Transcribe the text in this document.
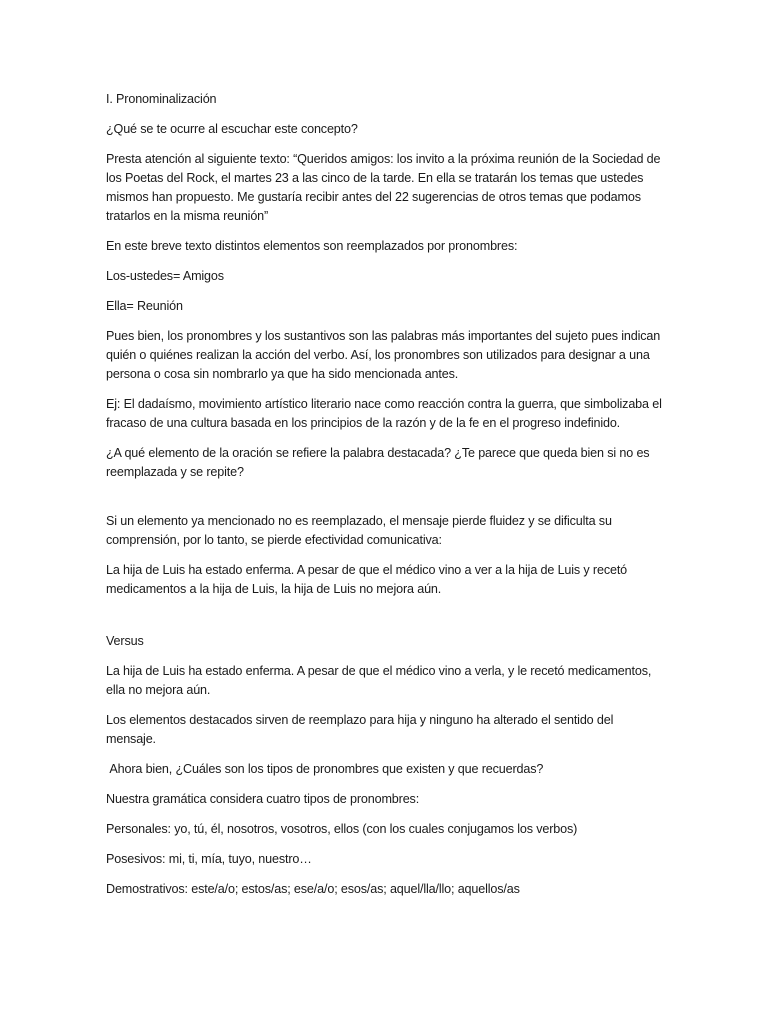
I. Pronominalización

¿Qué se te ocurre al escuchar este concepto?

Presta atención al siguiente texto: “Queridos amigos: los invito a la próxima reunión de la Sociedad de los Poetas del Rock, el martes 23 a las cinco de la tarde. En ella se tratarán los temas que ustedes mismos han propuesto. Me gustaría recibir antes del 22 sugerencias de otros temas que podamos tratarlos en la misma reunión”

En este breve texto distintos elementos son reemplazados por pronombres:

Los-ustedes= Amigos

Ella= Reunión

Pues bien, los pronombres y los sustantivos son las palabras más importantes del sujeto pues indican quién o quiénes realizan la acción del verbo. Así, los pronombres son utilizados para designar a una persona o cosa sin nombrarlo ya que ha sido mencionada antes.

Ej: El dadaísmo, movimiento artístico literario nace como reacción contra la guerra, que simbolizaba el fracaso de una cultura basada en los principios de la razón y de la fe en el progreso indefinido.

¿A qué elemento de la oración se refiere la palabra destacada? ¿Te parece que queda bien si no es reemplazada y se repite?

Si un elemento ya mencionado no es reemplazado, el mensaje pierde fluidez y se dificulta su comprensión, por lo tanto, se pierde efectividad comunicativa:

La hija de Luis ha estado enferma. A pesar de que el médico vino a ver a la hija de Luis y recetó medicamentos a la hija de Luis, la hija de Luis no mejora aún.

Versus

La hija de Luis ha estado enferma. A pesar de que el médico vino a verla, y le recetó medicamentos, ella no mejora aún.

Los elementos destacados sirven de reemplazo para hija y ninguno ha alterado el sentido del mensaje.

Ahora bien, ¿Cuáles son los tipos de pronombres que existen y que recuerdas?

Nuestra gramática considera cuatro tipos de pronombres:

Personales: yo, tú, él, nosotros, vosotros, ellos (con los cuales conjugamos los verbos)

Posesivos: mi, ti, mía, tuyo, nuestro…

Demostrativos: este/a/o; estos/as; ese/a/o; esos/as; aquel/lla/llo; aquellos/as
